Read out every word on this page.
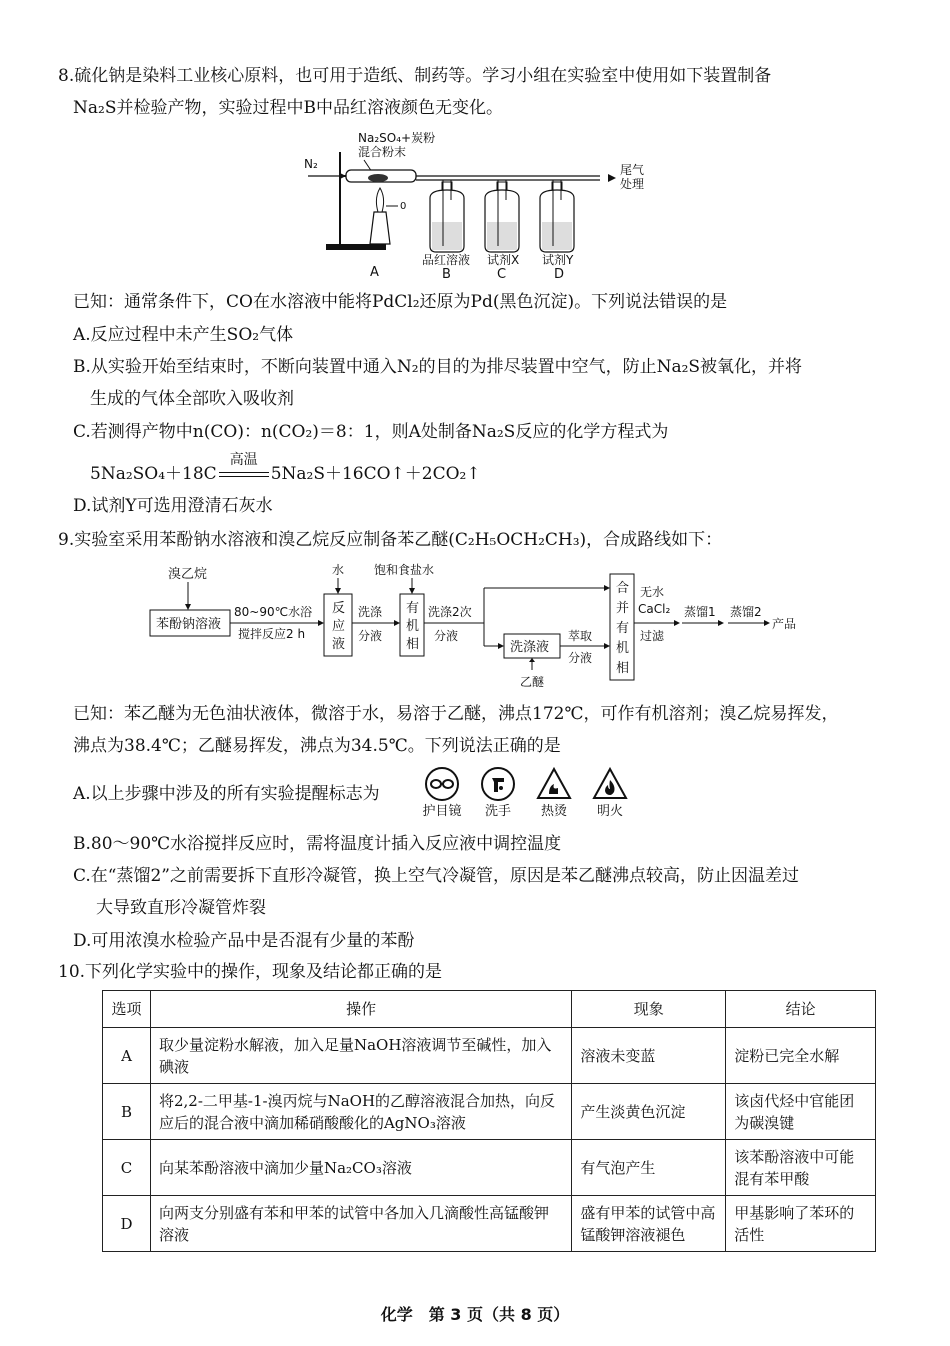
8.硫化钠是染料工业核心原料，也可用于造纸、制药等。学习小组在实验室中使用如下装置制备
Na₂S并检验产物，实验过程中B中品红溶液颜色无变化。
Na₂SO₄+炭粉
混合粉末
N₂
0
A
尾气
处理
品红溶液
B
试剂X
C
试剂Y
D
已知：通常条件下，CO在水溶液中能将PdCl₂还原为Pd(黑色沉淀)。下列说法错误的是
A.反应过程中未产生SO₂气体
B.从实验开始至结束时，不断向装置中通入N₂的目的为排尽装置中空气，防止Na₂S被氧化，并将
生成的气体全部吹入吸收剂
C.若测得产物中n(CO)：n(CO₂)＝8：1，则A处制备Na₂S反应的化学方程式为
5Na₂SO₄＋18C
高温
5Na₂S＋16CO↑＋2CO₂↑
D.试剂Y可选用澄清石灰水
9.实验室采用苯酚钠水溶液和溴乙烷反应制备苯乙醚(C₂H₅OCH₂CH₃)，合成路线如下：
溴乙烷
苯酚钠溶液
80~90℃水浴
搅拌反应2 h
水
反
应
液
洗涤
分液
饱和食盐水
有
机
相
洗涤2次
分液
洗涤液
乙醚
萃取
分液
合
并
有
机
相
无水
CaCl₂
过滤
蒸馏1 蒸馏2
产品
已知：苯乙醚为无色油状液体，微溶于水，易溶于乙醚，沸点172℃，可作有机溶剂；溴乙烷易挥发，
沸点为38.4℃；乙醚易挥发，沸点为34.5℃。下列说法正确的是
A.以上步骤中涉及的所有实验提醒标志为
护目镜 洗手 热烫 明火
B.80～90℃水浴搅拌反应时，需将温度计插入反应液中调控温度
C.在“蒸馏2”之前需要拆下直形冷凝管，换上空气冷凝管，原因是苯乙醚沸点较高，防止因温差过
大导致直形冷凝管炸裂
D.可用浓溴水检验产品中是否混有少量的苯酚
10.下列化学实验中的操作，现象及结论都正确的是
选项	操作	现象	结论
A	取少量淀粉水解液，加入足量NaOH溶液调节至碱性，加入碘液	溶液未变蓝	淀粉已完全水解
B	将2,2-二甲基-1-溴丙烷与NaOH的乙醇溶液混合加热，向反应后的混合液中滴加稀硝酸酸化的AgNO₃溶液	产生淡黄色沉淀	该卤代烃中官能团为碳溴键
C	向某苯酚溶液中滴加少量Na₂CO₃溶液	有气泡产生	该苯酚溶液中可能混有苯甲酸
D	向两支分别盛有苯和甲苯的试管中各加入几滴酸性高锰酸钾溶液	盛有甲苯的试管中高锰酸钾溶液褪色	甲基影响了苯环的活性
化学　第 3 页（共 8 页）
